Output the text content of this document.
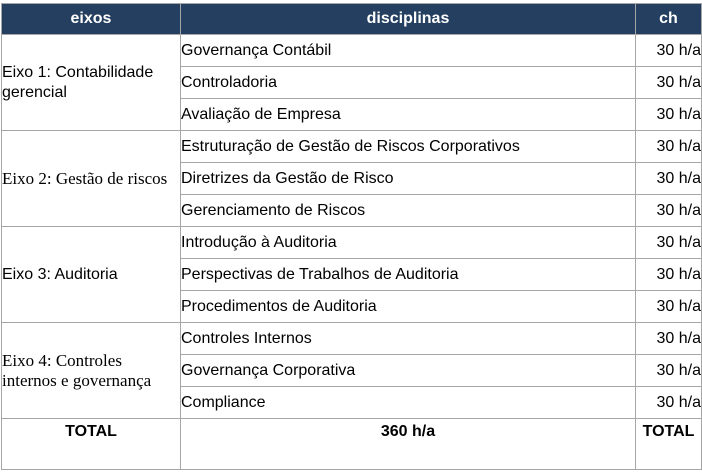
eixos	disciplinas	ch
Eixo 1: Contabilidade gerencial	Governança Contábil	30 h/a
	Controladoria	30 h/a
	Avaliação de Empresa	30 h/a
Eixo 2: Gestão de riscos	Estruturação de Gestão de Riscos Corporativos	30 h/a
	Diretrizes da Gestão de Risco	30 h/a
	Gerenciamento de Riscos	30 h/a
Eixo 3: Auditoria	Introdução à Auditoria	30 h/a
	Perspectivas de Trabalhos de Auditoria	30 h/a
	Procedimentos de Auditoria	30 h/a
Eixo 4: Controles internos e governança	Controles Internos	30 h/a
	Governança Corporativa	30 h/a
	Compliance	30 h/a
TOTAL	360 h/a	TOTAL
